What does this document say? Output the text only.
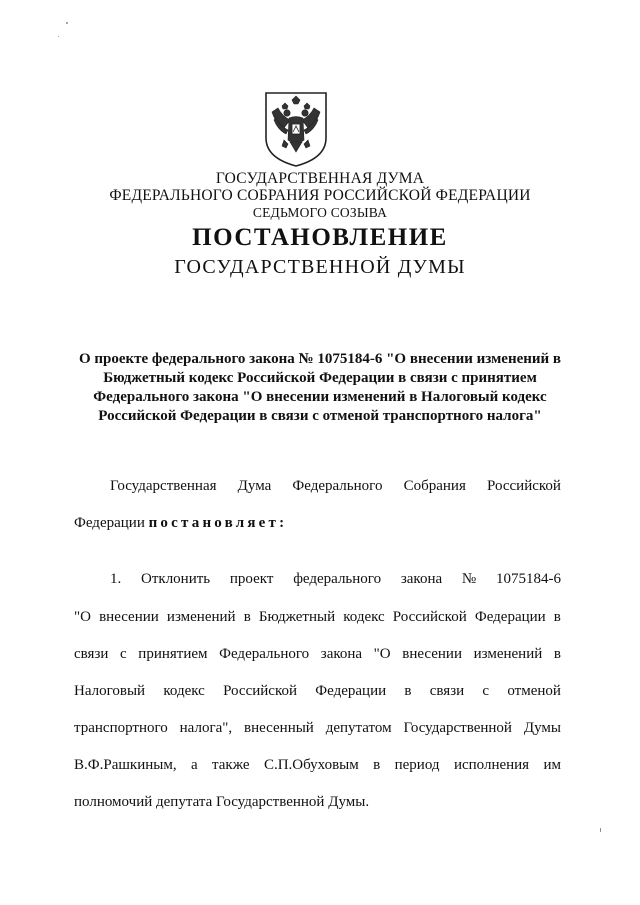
ГОСУДАРСТВЕННАЯ ДУМА
ФЕДЕРАЛЬНОГО СОБРАНИЯ РОССИЙСКОЙ ФЕДЕРАЦИИ
СЕДЬМОГО СОЗЫВА
ПОСТАНОВЛЕНИЕ
ГОСУДАРСТВЕННОЙ ДУМЫ
О проекте федерального закона № 1075184-6 "О внесении изменений в
Бюджетный кодекс Российской Федерации в связи с принятием
Федерального закона "О внесении изменений в Налоговый кодекс
Российской Федерации в связи с отменой транспортного налога"
Государственная Дума Федерального Собрания Российской
Федерации постановляет:
1. Отклонить проект федерального закона № 1075184-6
"О внесении изменений в Бюджетный кодекс Российской Федерации в
связи с принятием Федерального закона "О внесении изменений в
Налоговый кодекс Российской Федерации в связи с отменой
транспортного налога", внесенный депутатом Государственной Думы
В.Ф.Рашкиным, а также С.П.Обуховым в период исполнения им
полномочий депутата Государственной Думы.
